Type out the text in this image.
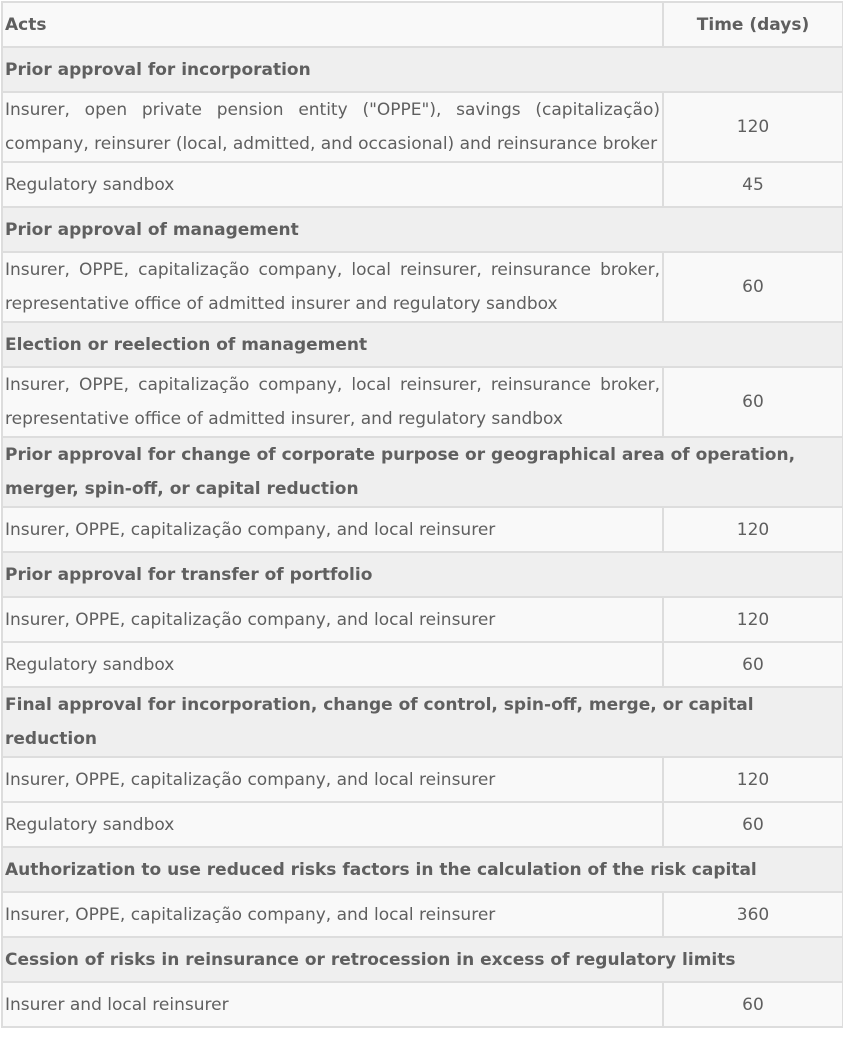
Acts	Time (days)
Prior approval for incorporation	
Insurer, open private pension entity ("OPPE"), savings (capitalização) company, reinsurer (local, admitted, and occasional) and reinsurance broker	120
Regulatory sandbox	45
Prior approval of management	
Insurer, OPPE, capitalização company, local reinsurer, reinsurance broker, representative office of admitted insurer and regulatory sandbox	60
Election or reelection of management	
Insurer, OPPE, capitalização company, local reinsurer, reinsurance broker, representative office of admitted insurer, and regulatory sandbox	60
Prior approval for change of corporate purpose or geographical area of operation, merger, spin-off, or capital reduction	
Insurer, OPPE, capitalização company, and local reinsurer	120
Prior approval for transfer of portfolio	
Insurer, OPPE, capitalização company, and local reinsurer	120
Regulatory sandbox	60
Final approval for incorporation, change of control, spin-off, merge, or capital reduction	
Insurer, OPPE, capitalização company, and local reinsurer	120
Regulatory sandbox	60
Authorization to use reduced risks factors in the calculation of the risk capital	
Insurer, OPPE, capitalização company, and local reinsurer	360
Cession of risks in reinsurance or retrocession in excess of regulatory limits	
Insurer and local reinsurer	60
